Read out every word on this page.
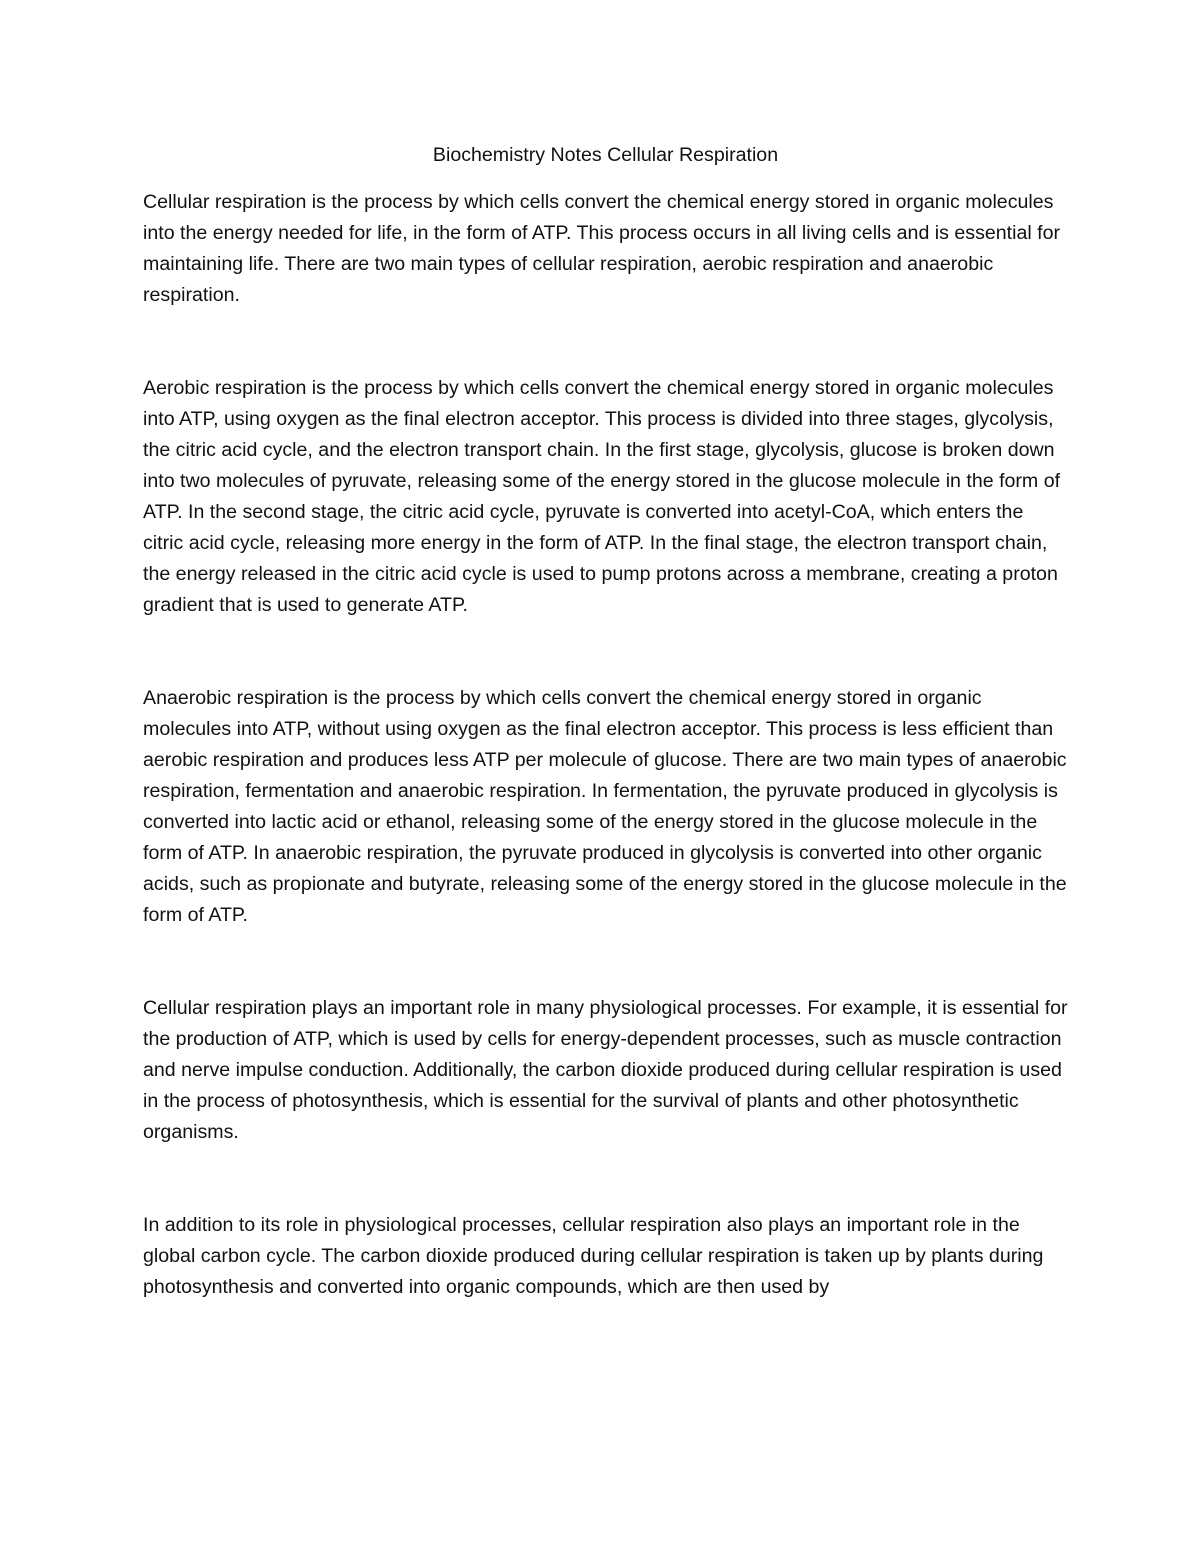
Biochemistry Notes Cellular Respiration

Cellular respiration is the process by which cells convert the chemical energy stored in organic molecules into the energy needed for life, in the form of ATP. This process occurs in all living cells and is essential for maintaining life. There are two main types of cellular respiration, aerobic respiration and anaerobic respiration.

Aerobic respiration is the process by which cells convert the chemical energy stored in organic molecules into ATP, using oxygen as the final electron acceptor. This process is divided into three stages, glycolysis, the citric acid cycle, and the electron transport chain. In the first stage, glycolysis, glucose is broken down into two molecules of pyruvate, releasing some of the energy stored in the glucose molecule in the form of ATP. In the second stage, the citric acid cycle, pyruvate is converted into acetyl-CoA, which enters the citric acid cycle, releasing more energy in the form of ATP. In the final stage, the electron transport chain, the energy released in the citric acid cycle is used to pump protons across a membrane, creating a proton gradient that is used to generate ATP.

Anaerobic respiration is the process by which cells convert the chemical energy stored in organic molecules into ATP, without using oxygen as the final electron acceptor. This process is less efficient than aerobic respiration and produces less ATP per molecule of glucose. There are two main types of anaerobic respiration, fermentation and anaerobic respiration. In fermentation, the pyruvate produced in glycolysis is converted into lactic acid or ethanol, releasing some of the energy stored in the glucose molecule in the form of ATP. In anaerobic respiration, the pyruvate produced in glycolysis is converted into other organic acids, such as propionate and butyrate, releasing some of the energy stored in the glucose molecule in the form of ATP.

Cellular respiration plays an important role in many physiological processes. For example, it is essential for the production of ATP, which is used by cells for energy-dependent processes, such as muscle contraction and nerve impulse conduction. Additionally, the carbon dioxide produced during cellular respiration is used in the process of photosynthesis, which is essential for the survival of plants and other photosynthetic organisms.

In addition to its role in physiological processes, cellular respiration also plays an important role in the global carbon cycle. The carbon dioxide produced during cellular respiration is taken up by plants during photosynthesis and converted into organic compounds, which are then used by
